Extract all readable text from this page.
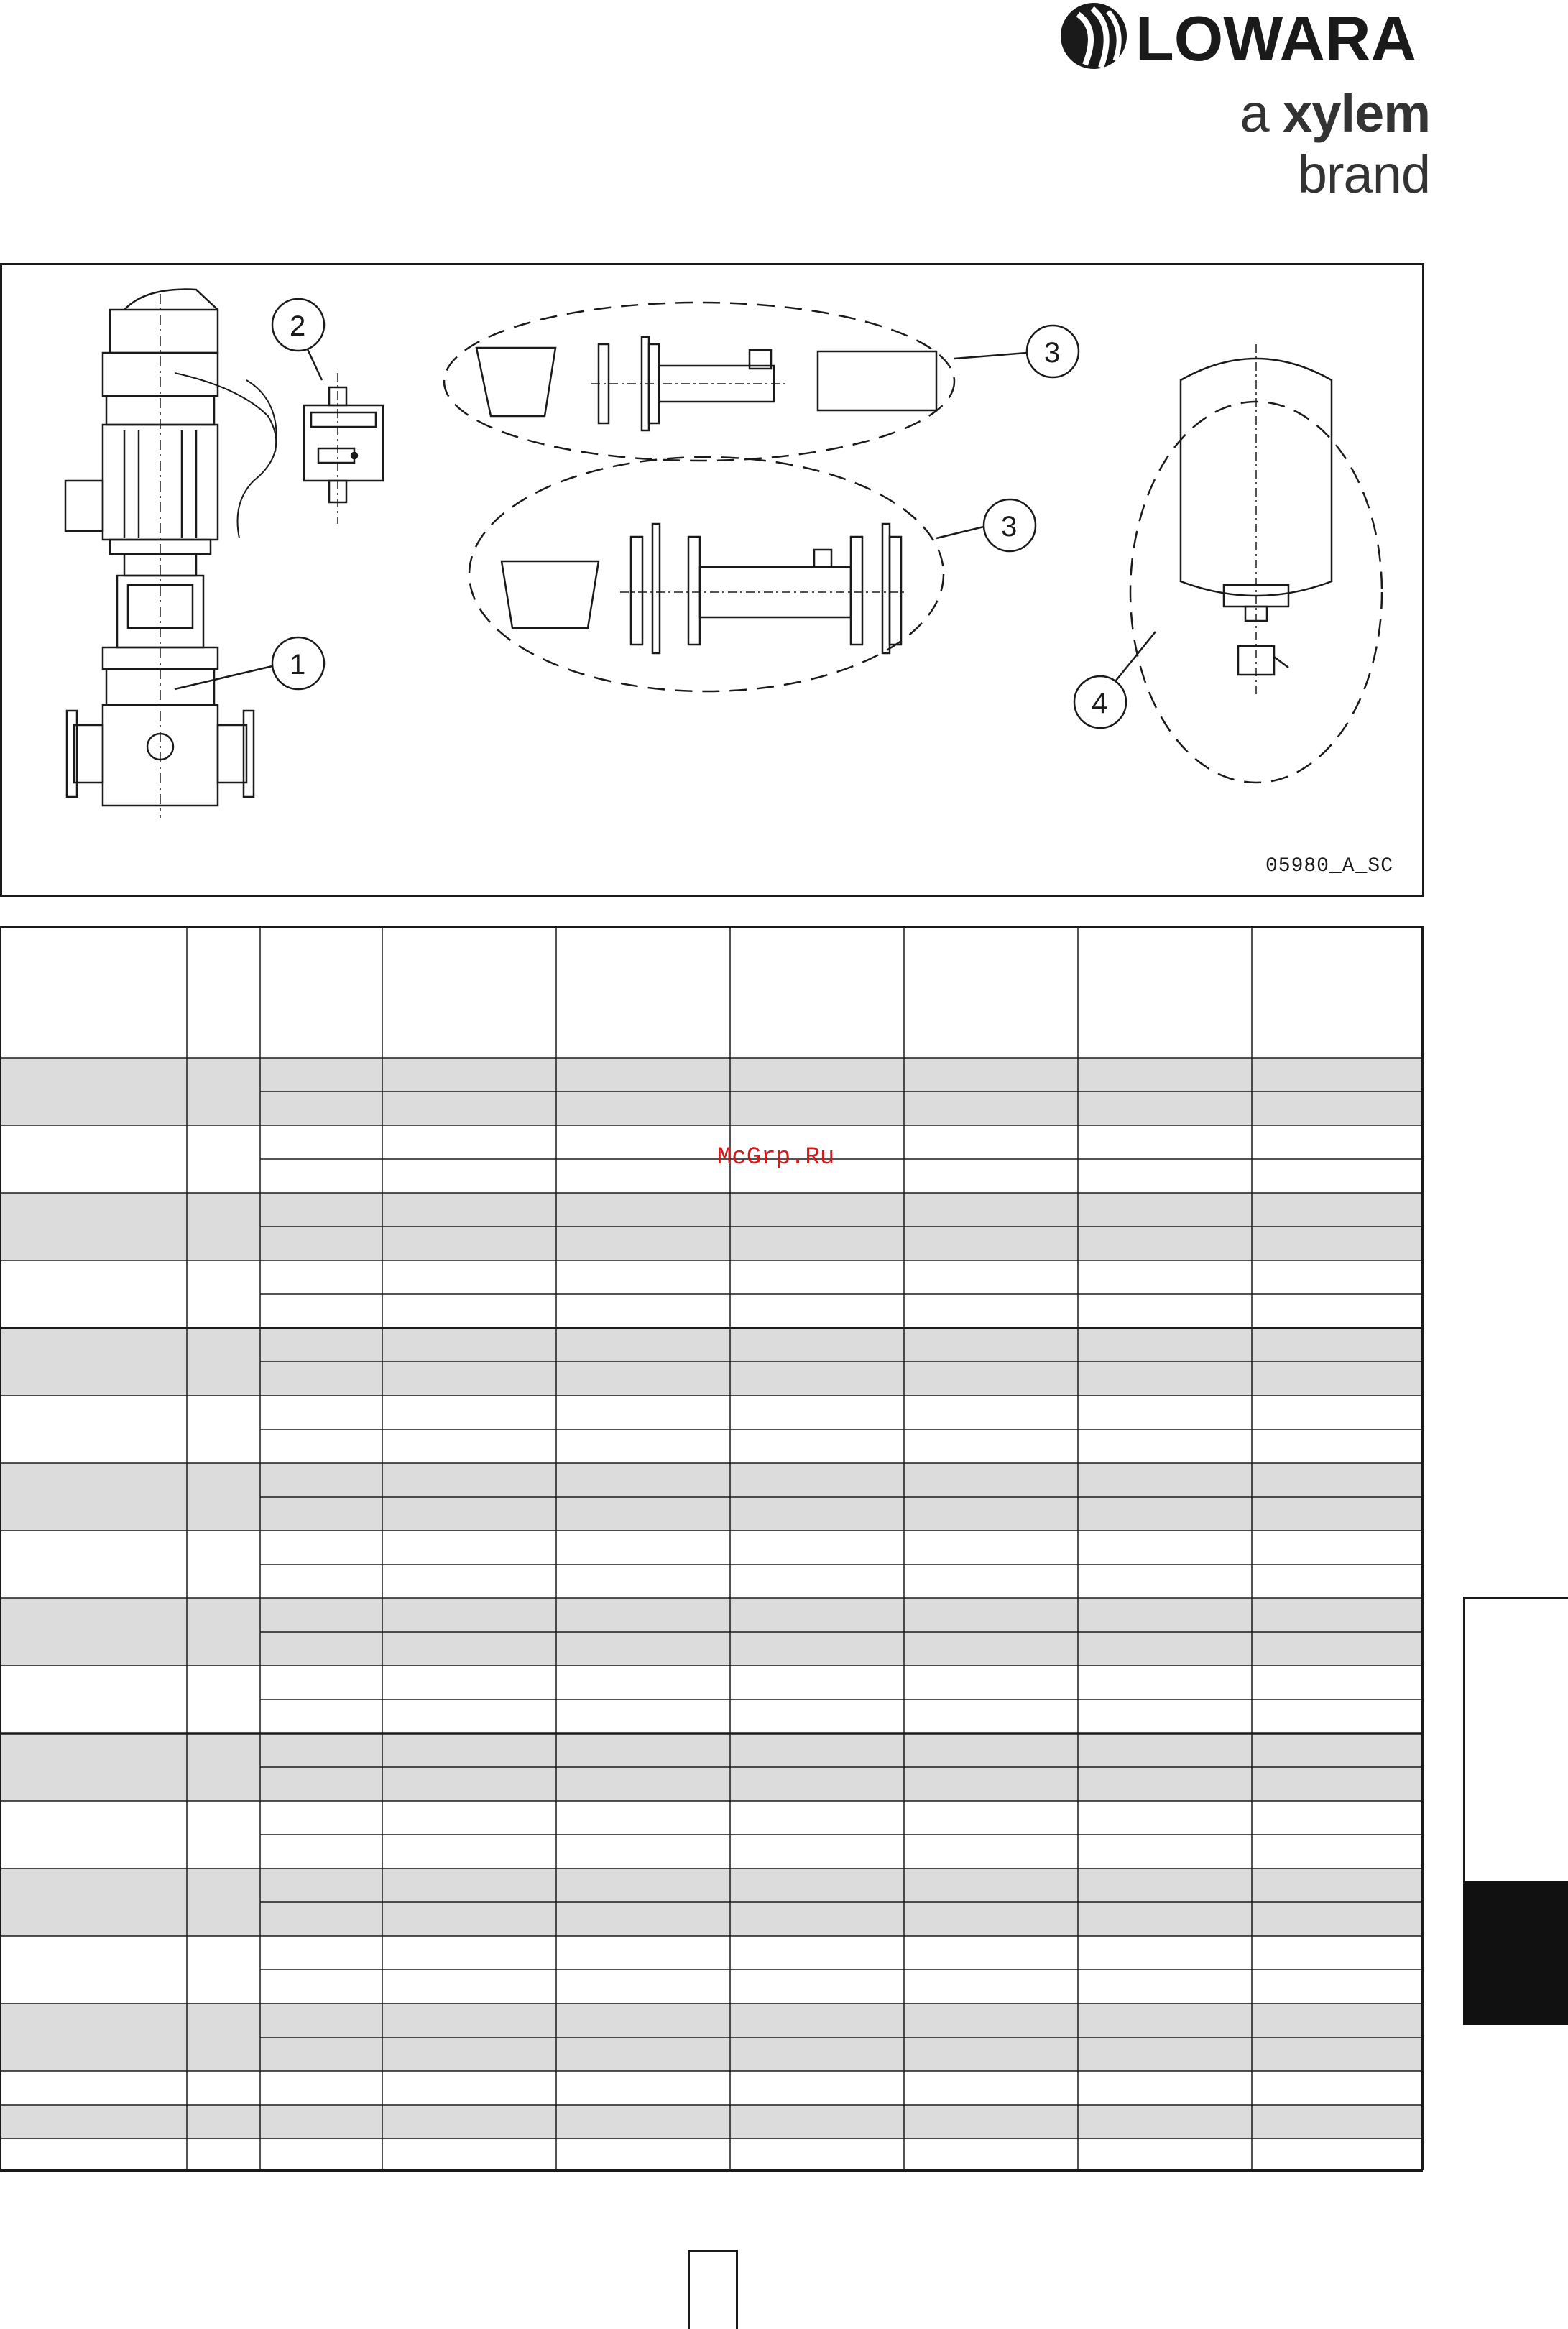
LOWARA
a xylem brand
2
1
3
3
4
05980_A_SC
McGrp.Ru
